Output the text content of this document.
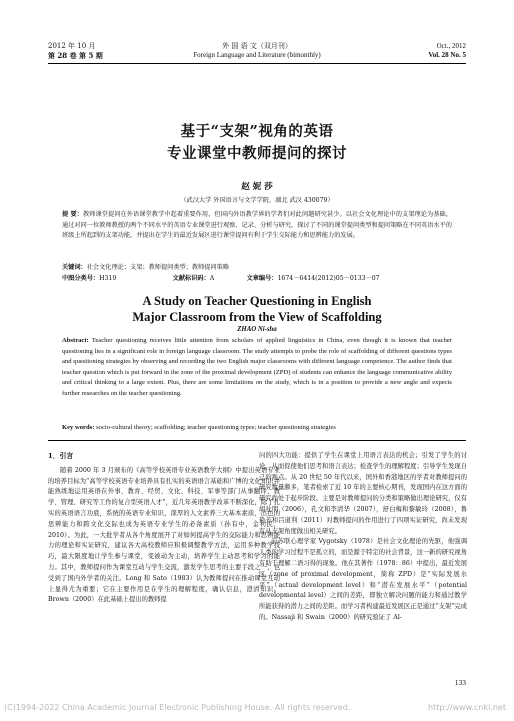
2012 年 10 月
第 28 卷 第 5 期
外 国 语 文（双月刊）
Foreign Language and Literature (bimonthly)
Oct., 2012
Vol. 28 No. 5
基于“支架”视角的英语
专业课堂中教师提问的探讨
赵 妮 莎
（武汉大学 外国语言与文学学院，湖北 武汉 430079）
提 要：教师课堂提问在外语课堂教学中起着重要作用，但国内外语教学界的学者们对此问题研究甚少。以社会文化理论中的支架理论为基础，通过对同一位教师教授的两个不同水平的英语专业课堂进行观察、记录、分析与研究，探讨了不同的课堂提问类型和提问策略在不同英语水平的班级上所起到的支架功能，并提出在学生的最近发展区进行课堂提问有利于学生交际能力和思辨能力的发展。
关键词：社会文化理论；支架；教师提问类型；教师提问策略
中图分类号：H319	文献标识码：A	文章编号：1674－6414(2012)05－0133－07
A Study on Teacher Questioning in English
Major Classroom from the View of Scaffolding
ZHAO Ni-sha
Abstract: Teacher questioning receives little attention from scholars of applied linguistics in China, even though it is known that teacher questioning lies in a significant role in foreign language classroom. The study attempts to probe the role of scaffolding of different questions types and questioning strategies by observing and recording the two English major classrooms with different language competence. The author finds that teacher question which is put forward in the zone of the proximal development (ZPD) of students can enhance the language communicative ability and critical thinking to a large extent. Plus, there are some limitations on the study, which is in a position to provide a new angle and expects further researches on the teacher questioning.
Key words: socio-cultural theory; scaffolding; teacher questioning types; teacher questioning strategies
1．引言

随着 2000 年 3 月颁布的《高等学校英语专业英语教学大纲》中提出英语专业的培养目标为“高等学校英语专业培养具有扎实的英语语言基础和广博的文化知识并能熟练地运用英语在外事、教育、经贸、文化、科技、军事等部门从事翻译、教学、管理、研究等工作的复合型英语人才”，近几年英语教学改革不断深化，除了扎实的英语语言功底，系统的英语专业知识，深厚的人文素养三大基本素质，出色的思辨能力和跨文化交际也成为英语专业学生的必备素质（孙有中，金利民，2010）。为此，一大批学者从各个角度展开了对如何提高学生的交际能力和思辨能力的理论和实证研究，建议各大高校教师应积极调整教学方法，运用多种教学技巧，最大限度地让学生参与课堂，变被动为主动，培养学生主动思考和学习的能力。其中，教师提问作为课堂互动与学生交流，激发学生思考的主要手段之一，也受到了国内外学者的关注。Long 和 Sato（1983）认为教师提问在推动课堂互动上显得尤为重要；它在主要作用是在学生的理解程度，确认信息，澄清知识。Brown（2000）在此基础上提出的教师提

问的四大功能：提供了学生在课堂上用语言表达的机会；引发了学生的讨论，从而促使他们思考和语言表达；检查学生的理解程度；引导学生发现自己的观点。从 20 世纪 50 年代以来，国外和香港地区的学者对教师提问的研究数量颇多，笔者检索了近 10 年的主要核心期刊，发现国内在这方面的研究尚处于起步阶段。主要是对教师提问的分类和策略做出理论研究，仅有胡社明（2006），孔文和李清华（2007），舒白梅和黎敏玲（2008），鲁艳芳和吕道利（2011）对教师提问的作用进行了四项实证研究，尚未发现有从支架角度做出相关研究。

前苏联心理学家 Vygotsky（1978）是社会文化理论的先驱，他强调人类的学习过程不是孤立的，而是源于特定的社会背景，这一新的研究视角有助于理解二语习得的现象。他在其著作（1978：86）中提出，最近发展区（zone of proximal development，简称 ZPD）是“实际发展水平”（actual development level）和“潜在发展水平”（potential developmental level）之间的差距，即独立解决问题的能力和通过教学所能获得的潜力之间的差距。而学习者构建最近发展区正是通过“支架”完成的。Nassaji 和 Swain（2000）的研究验证了 Al-

133
(C)1994-2022 China Academic Journal Electronic Publishing House. All rights reserved.	http://www.cnki.net
